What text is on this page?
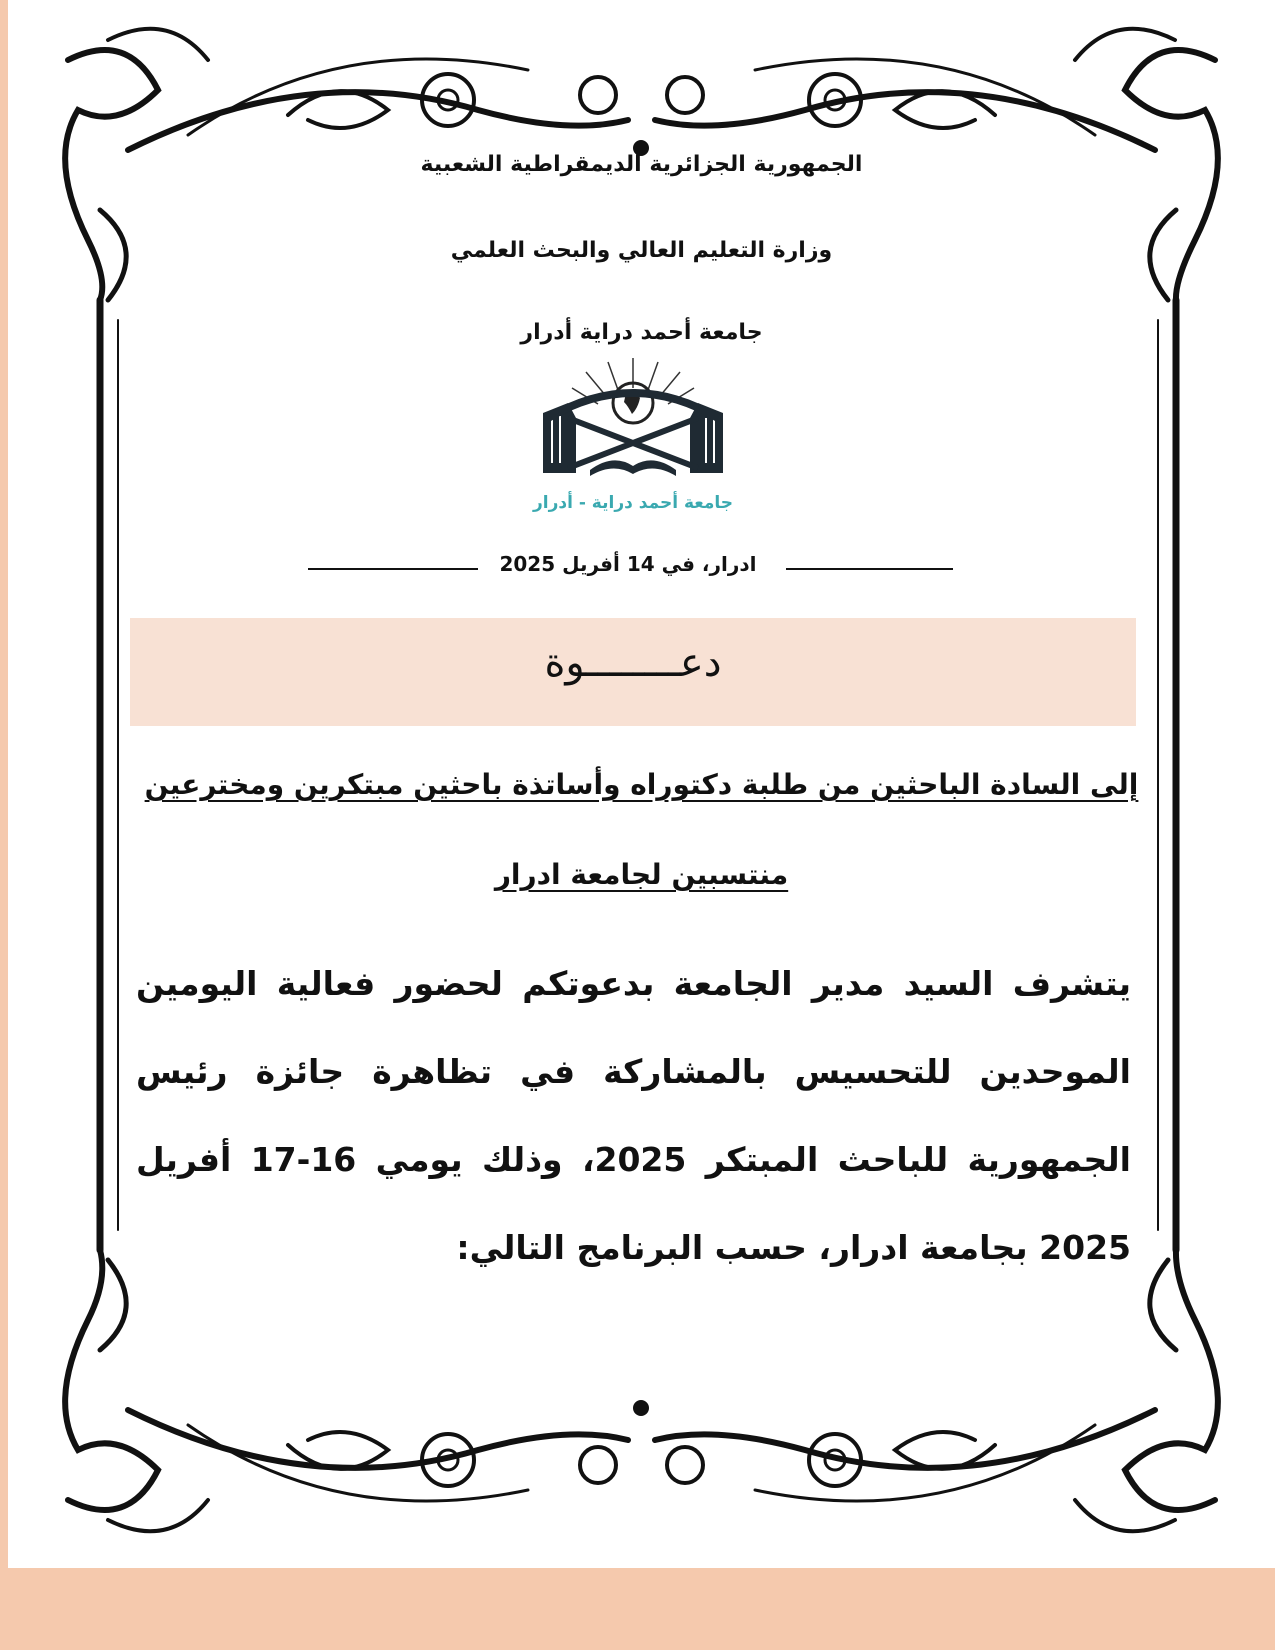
الجمهورية الجزائرية الديمقراطية الشعبية
وزارة التعليم العالي والبحث العلمي
جامعة أحمد دراية أدرار
جامعة أحمد دراية - أدرار
ادرار، في 14 أفريل 2025
دعــــــــوة
إلى السادة الباحثين من طلبة دكتوراه وأساتذة باحثين مبتكرين ومخترعين
منتسبين لجامعة ادرار
يتشرف السيد مدير الجامعة بدعوتكم لحضور فعالية اليومين الموحدين للتحسيس بالمشاركة في تظاهرة جائزة رئيس الجمهورية للباحث المبتكر 2025، وذلك يومي 16-17 أفريل 2025 بجامعة ادرار، حسب البرنامج التالي:
